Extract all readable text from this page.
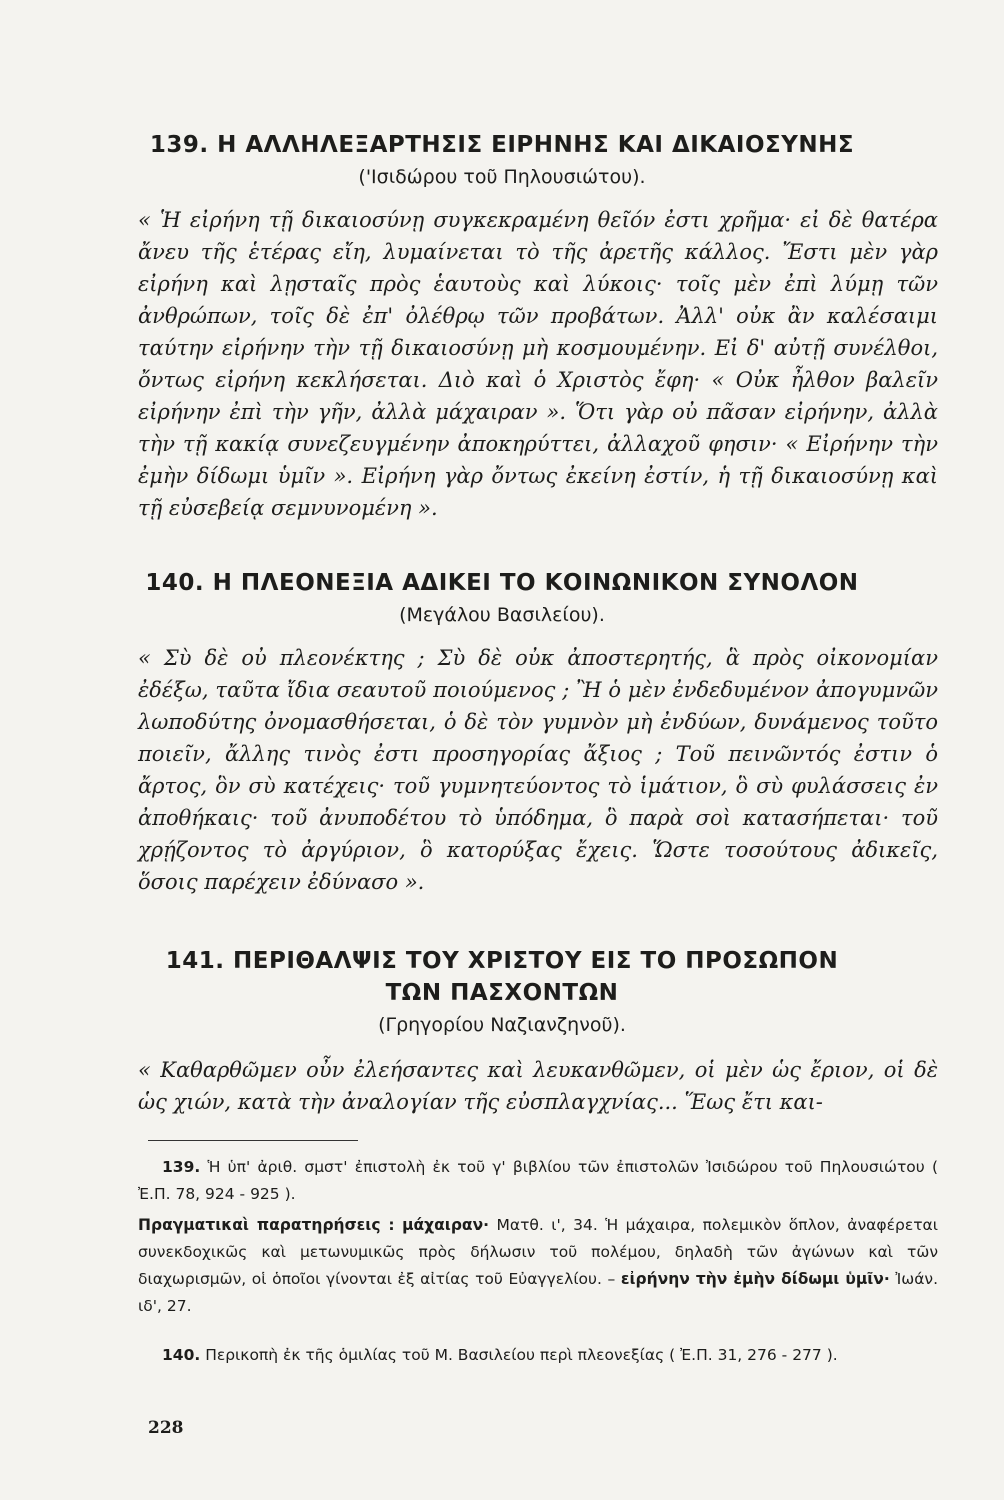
139. Η ΑΛΛΗΛΕΞΑΡΤΗΣΙΣ ΕΙΡΗΝΗΣ ΚΑΙ ΔΙΚΑΙΟΣΥΝΗΣ
('Ισιδώρου τοῦ Πηλουσιώτου).
« Ἡ εἰρήνη τῇ δικαιοσύνῃ συγκεκραμένη θεῖόν ἐστι χρῆμα· εἰ δὲ θατέρα ἄνευ τῆς ἑτέρας εἴη, λυμαίνεται τὸ τῆς ἀρετῆς κάλλος. Ἔστι μὲν γὰρ εἰρήνη καὶ λῃσταῖς πρὸς ἑαυτοὺς καὶ λύκοις· τοῖς μὲν ἐπὶ λύμῃ τῶν ἀνθρώπων, τοῖς δὲ ἐπ' ὀλέθρῳ τῶν προβάτων. Ἀλλ' οὐκ ἂν καλέσαιμι ταύτην εἰρήνην τὴν τῇ δικαιοσύνῃ μὴ κοσμουμένην. Εἰ δ' αὐτῇ συνέλθοι, ὄντως εἰρήνη κεκλήσεται. Διὸ καὶ ὁ Χριστὸς ἔφη· « Οὐκ ἦλθον βαλεῖν εἰρήνην ἐπὶ τὴν γῆν, ἀλλὰ μάχαιραν ». Ὅτι γὰρ οὐ πᾶσαν εἰρήνην, ἀλλὰ τὴν τῇ κακίᾳ συνεζευγμένην ἀποκηρύττει, ἀλλαχοῦ φησιν· « Εἰρήνην τὴν ἐμὴν δίδωμι ὑμῖν ». Εἰρήνη γὰρ ὄντως ἐκείνη ἐστίν, ἡ τῇ δικαιοσύνῃ καὶ τῇ εὐσεβείᾳ σεμνυνομένη ».
140. Η ΠΛΕΟΝΕΞΙΑ ΑΔΙΚΕΙ ΤΟ ΚΟΙΝΩΝΙΚΟΝ ΣΥΝΟΛΟΝ
(Μεγάλου Βασιλείου).
« Σὺ δὲ οὐ πλεονέκτης ; Σὺ δὲ οὐκ ἀποστερητής, ἃ πρὸς οἰκονομίαν ἐδέξω, ταῦτα ἴδια σεαυτοῦ ποιούμενος ; Ἢ ὁ μὲν ἐνδεδυμένον ἀπογυμνῶν λωποδύτης ὀνομασθήσεται, ὁ δὲ τὸν γυμνὸν μὴ ἐνδύων, δυνάμενος τοῦτο ποιεῖν, ἄλλης τινὸς ἐστι προσηγορίας ἄξιος ; Τοῦ πεινῶντός ἐστιν ὁ ἄρτος, ὃν σὺ κατέχεις· τοῦ γυμνητεύοντος τὸ ἱμάτιον, ὃ σὺ φυλάσσεις ἐν ἀποθήκαις· τοῦ ἀνυποδέτου τὸ ὑπόδημα, ὃ παρὰ σοὶ κατασήπεται· τοῦ χρῄζοντος τὸ ἀργύριον, ὃ κατορύξας ἔχεις. Ὥστε τοσούτους ἀδικεῖς, ὅσοις παρέχειν ἐδύνασο ».
141. ΠΕΡΙΘΑΛΨΙΣ ΤΟΥ ΧΡΙΣΤΟΥ ΕΙΣ ΤΟ ΠΡΟΣΩΠΟΝ
ΤΩΝ ΠΑΣΧΟΝΤΩΝ
(Γρηγορίου Ναζιανζηνοῦ).
« Καθαρθῶμεν οὖν ἐλεήσαντες καὶ λευκανθῶμεν, οἱ μὲν ὡς ἔριον, οἱ δὲ ὡς χιών, κατὰ τὴν ἀναλογίαν τῆς εὐσπλαγχνίας... Ἕως ἔτι και-
139. Ἡ ὑπ' ἀριθ. σμστ' ἐπιστολὴ ἐκ τοῦ γ' βιβλίου τῶν ἐπιστολῶν Ἰσιδώρου τοῦ Πηλουσιώτου ( Ἐ.Π. 78, 924 - 925 ).
Πραγματικαὶ παρατηρήσεις : μάχαιραν· Ματθ. ι', 34. Ἡ μάχαιρα, πολεμικὸν ὅπλον, ἀναφέρεται συνεκδοχικῶς καὶ μετωνυμικῶς πρὸς δήλωσιν τοῦ πολέμου, δηλαδὴ τῶν ἀγώνων καὶ τῶν διαχωρισμῶν, οἱ ὁποῖοι γίνονται ἐξ αἰτίας τοῦ Εὐαγγελίου. – εἰρήνην τὴν ἐμὴν δίδωμι ὑμῖν· Ἰωάν. ιδ', 27.
140. Περικοπὴ ἐκ τῆς ὁμιλίας τοῦ Μ. Βασιλείου περὶ πλεονεξίας ( Ἐ.Π. 31, 276 - 277 ).
228
